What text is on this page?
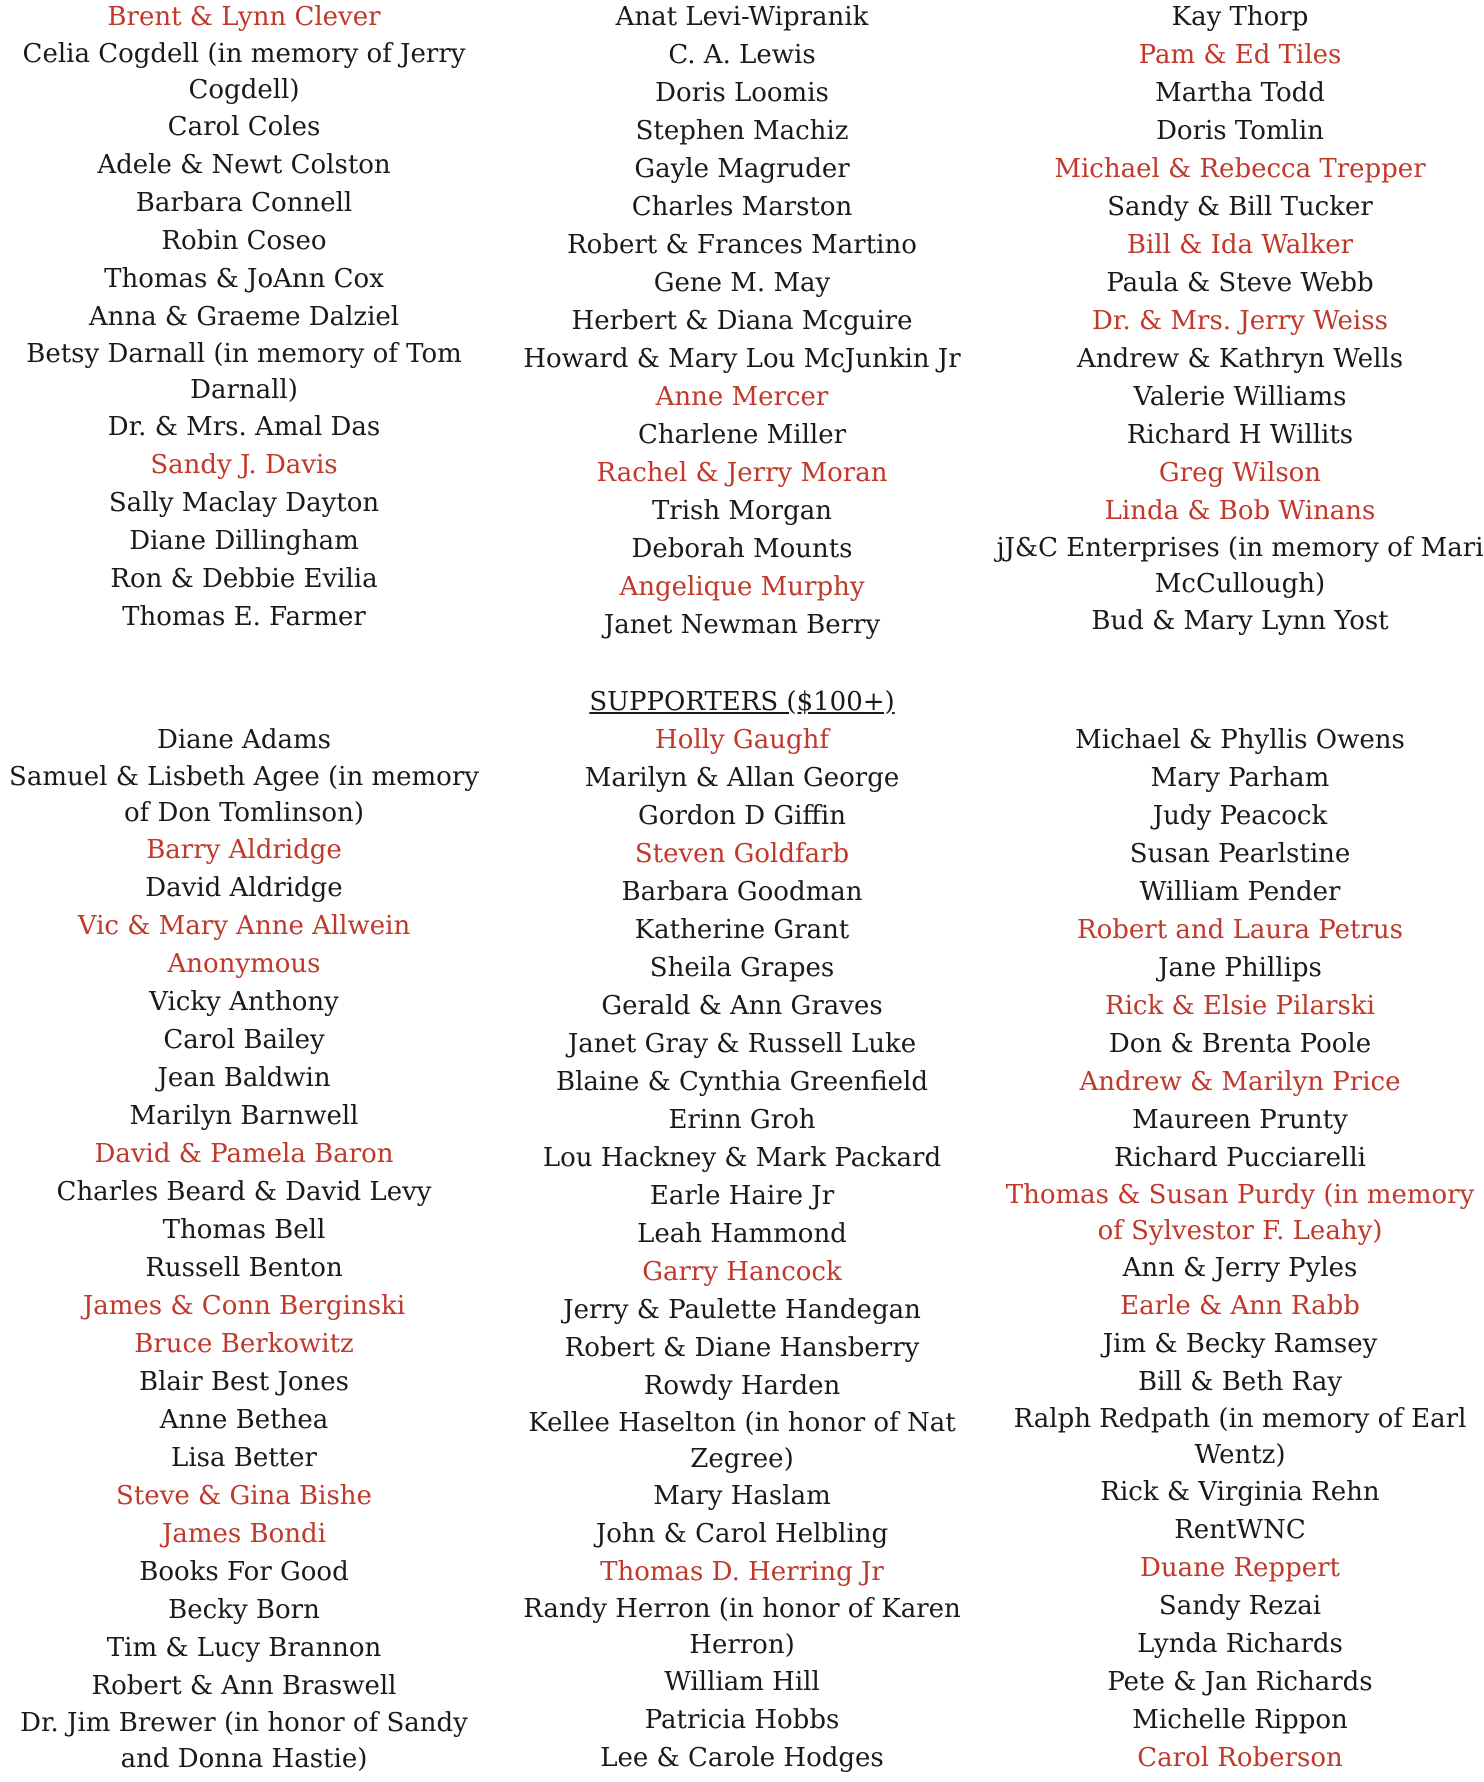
Brent & Lynn Clever
Celia Cogdell (in memory of Jerry Cogdell)
Carol Coles
Adele & Newt Colston
Barbara Connell
Robin Coseo
Thomas & JoAnn Cox
Anna & Graeme Dalziel
Betsy Darnall (in memory of Tom Darnall)
Dr. & Mrs. Amal Das
Sandy J. Davis
Sally Maclay Dayton
Diane Dillingham
Ron & Debbie Evilia
Thomas E. Farmer
Anat Levi-Wipranik
C. A. Lewis
Doris Loomis
Stephen Machiz
Gayle Magruder
Charles Marston
Robert & Frances Martino
Gene M. May
Herbert & Diana Mcguire
Howard & Mary Lou McJunkin Jr
Anne Mercer
Charlene Miller
Rachel & Jerry Moran
Trish Morgan
Deborah Mounts
Angelique Murphy
Janet Newman Berry
Kay Thorp
Pam & Ed Tiles
Martha Todd
Doris Tomlin
Michael & Rebecca Trepper
Sandy & Bill Tucker
Bill & Ida Walker
Paula & Steve Webb
Dr. & Mrs. Jerry Weiss
Andrew & Kathryn Wells
Valerie Williams
Richard H Willits
Greg Wilson
Linda & Bob Winans
jJ&C Enterprises (in memory of Mari McCullough)
Bud & Mary Lynn Yost
SUPPORTERS ($100+)
Diane Adams
Samuel & Lisbeth Agee (in memory of Don Tomlinson)
Barry Aldridge
David Aldridge
Vic & Mary Anne Allwein
Anonymous
Vicky Anthony
Carol Bailey
Jean Baldwin
Marilyn Barnwell
David & Pamela Baron
Charles Beard & David Levy
Thomas Bell
Russell Benton
James & Conn Berginski
Bruce Berkowitz
Blair Best Jones
Anne Bethea
Lisa Better
Steve & Gina Bishe
James Bondi
Books For Good
Becky Born
Tim & Lucy Brannon
Robert & Ann Braswell
Dr. Jim Brewer (in honor of Sandy and Donna Hastie)
Holly Gaughf
Marilyn & Allan George
Gordon D Giffin
Steven Goldfarb
Barbara Goodman
Katherine Grant
Sheila Grapes
Gerald & Ann Graves
Janet Gray & Russell Luke
Blaine & Cynthia Greenfield
Erinn Groh
Lou Hackney & Mark Packard
Earle Haire Jr
Leah Hammond
Garry Hancock
Jerry & Paulette Handegan
Robert & Diane Hansberry
Rowdy Harden
Kellee Haselton (in honor of Nat Zegree)
Mary Haslam
John & Carol Helbling
Thomas D. Herring Jr
Randy Herron (in honor of Karen Herron)
William Hill
Patricia Hobbs
Lee & Carole Hodges
Michael & Phyllis Owens
Mary Parham
Judy Peacock
Susan Pearlstine
William Pender
Robert and Laura Petrus
Jane Phillips
Rick & Elsie Pilarski
Don & Brenta Poole
Andrew & Marilyn Price
Maureen Prunty
Richard Pucciarelli
Thomas & Susan Purdy (in memory of Sylvestor F. Leahy)
Ann & Jerry Pyles
Earle & Ann Rabb
Jim & Becky Ramsey
Bill & Beth Ray
Ralph Redpath (in memory of Earl Wentz)
Rick & Virginia Rehn
RentWNC
Duane Reppert
Sandy Rezai
Lynda Richards
Pete & Jan Richards
Michelle Rippon
Carol Roberson
